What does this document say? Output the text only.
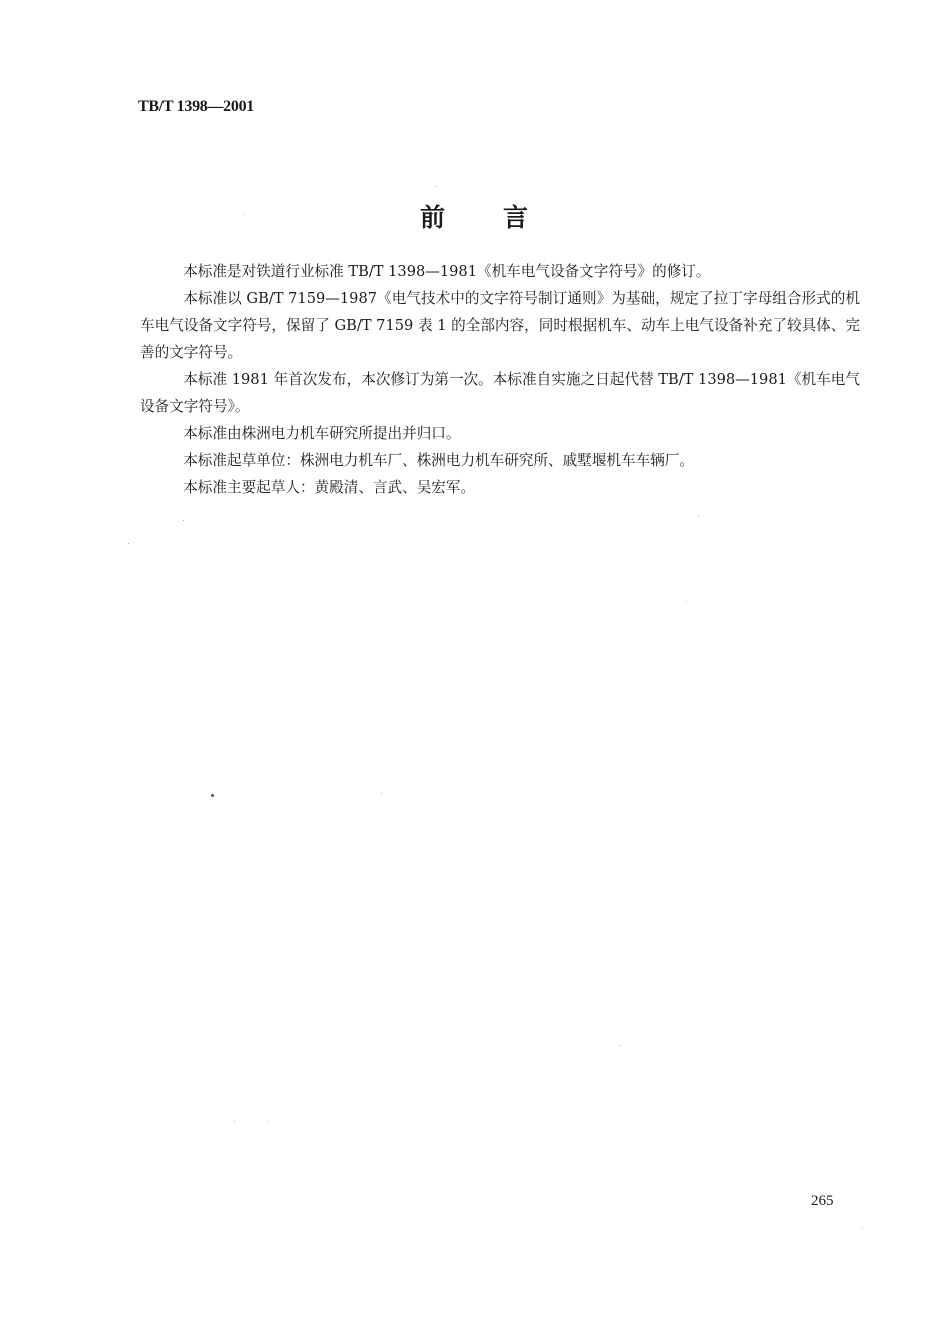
TB/T 1398—2001
前 言

本标准是对铁道行业标准 TB/T 1398—1981《机车电气设备文字符号》的修订。

本标准以 GB/T 7159—1987《电气技术中的文字符号制订通则》为基础，规定了拉丁字母组合形式的机车电气设备文字符号，保留了 GB/T 7159 表 1 的全部内容，同时根据机车、动车上电气设备补充了较具体、完善的文字符号。

本标准 1981 年首次发布，本次修订为第一次。本标准自实施之日起代替 TB/T 1398—1981《机车电气设备文字符号》。

本标准由株洲电力机车研究所提出并归口。

本标准起草单位：株洲电力机车厂、株洲电力机车研究所、戚墅堰机车车辆厂。

本标准主要起草人：黄殿清、言武、吴宏军。

265
